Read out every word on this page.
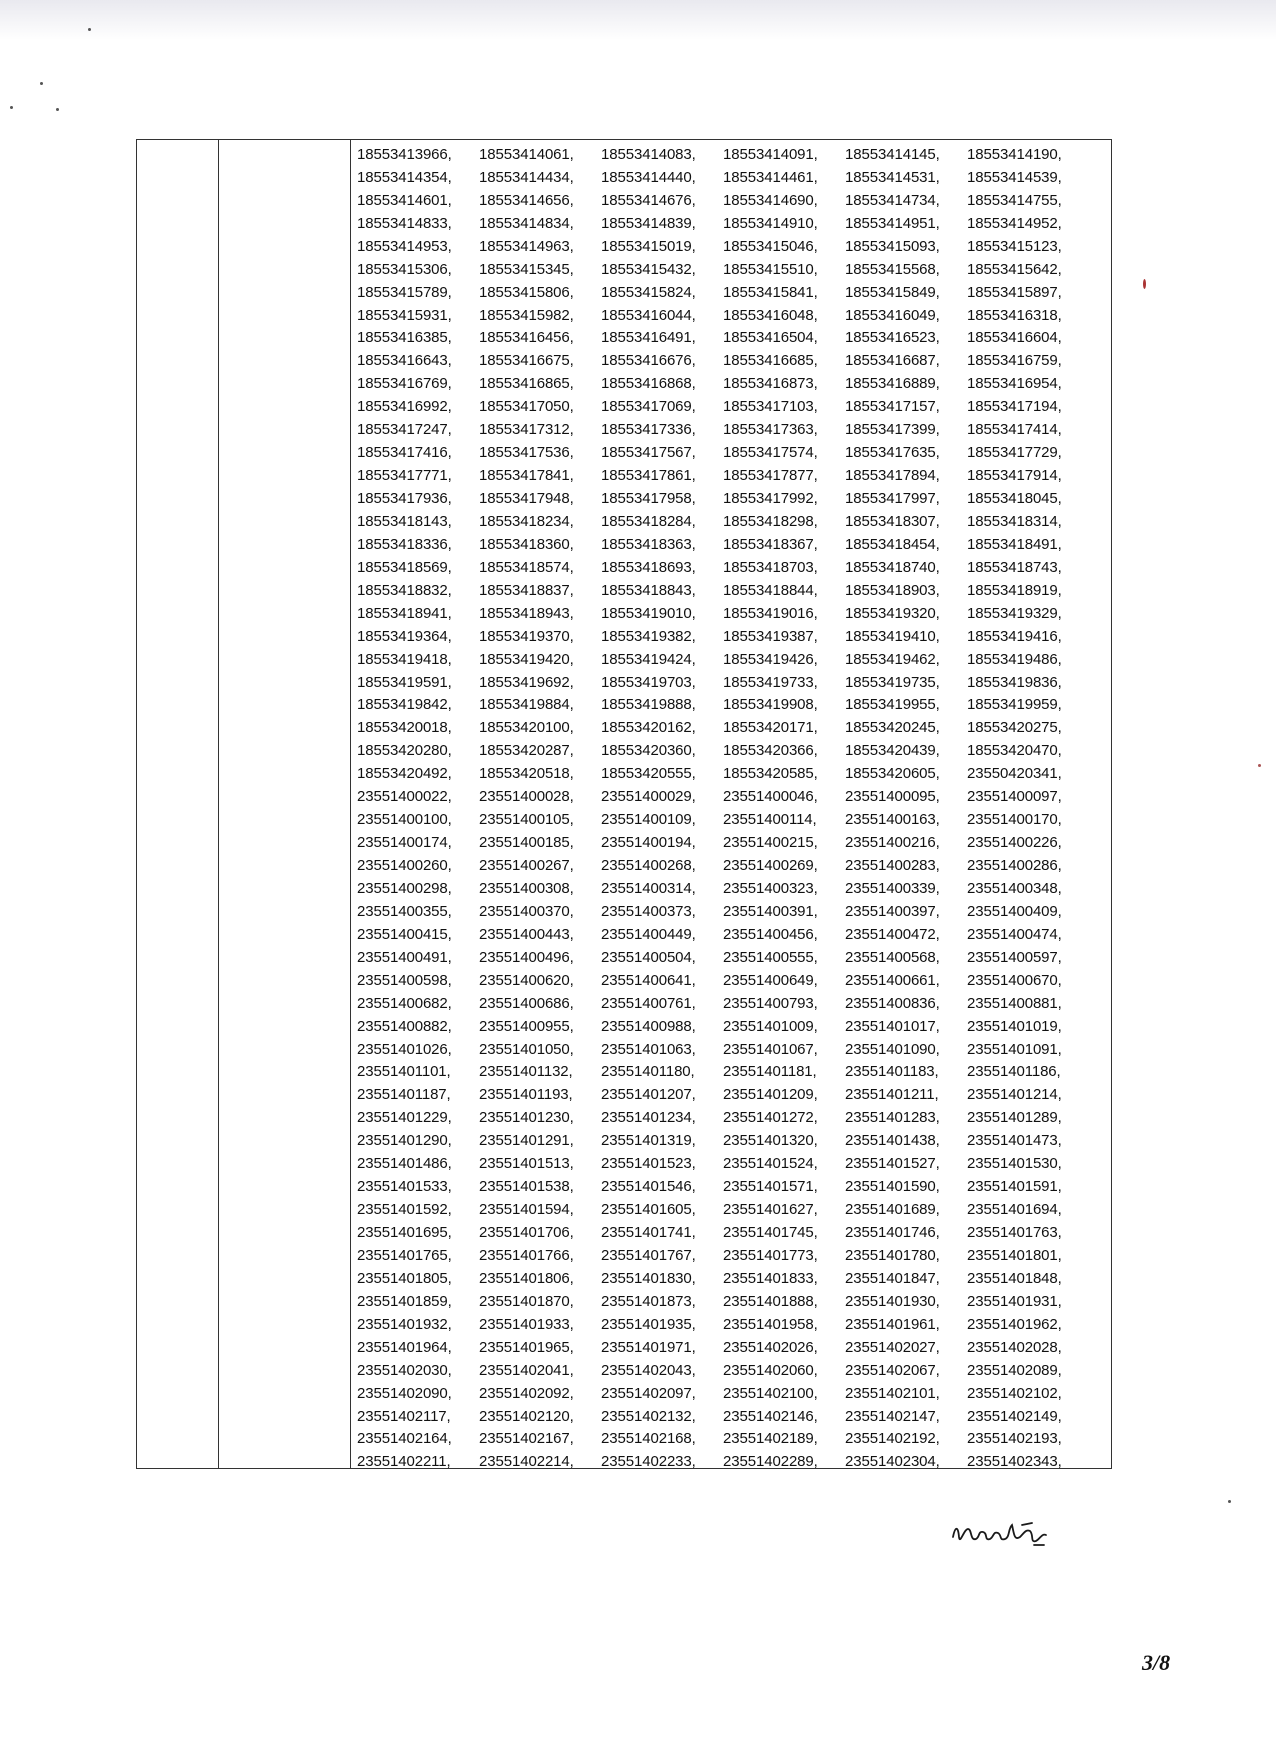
18553413966,	18553414061,	18553414083,	18553414091,	18553414145,	18553414190,
18553414354,	18553414434,	18553414440,	18553414461,	18553414531,	18553414539,
18553414601,	18553414656,	18553414676,	18553414690,	18553414734,	18553414755,
18553414833,	18553414834,	18553414839,	18553414910,	18553414951,	18553414952,
18553414953,	18553414963,	18553415019,	18553415046,	18553415093,	18553415123,
18553415306,	18553415345,	18553415432,	18553415510,	18553415568,	18553415642,
18553415789,	18553415806,	18553415824,	18553415841,	18553415849,	18553415897,
18553415931,	18553415982,	18553416044,	18553416048,	18553416049,	18553416318,
18553416385,	18553416456,	18553416491,	18553416504,	18553416523,	18553416604,
18553416643,	18553416675,	18553416676,	18553416685,	18553416687,	18553416759,
18553416769,	18553416865,	18553416868,	18553416873,	18553416889,	18553416954,
18553416992,	18553417050,	18553417069,	18553417103,	18553417157,	18553417194,
18553417247,	18553417312,	18553417336,	18553417363,	18553417399,	18553417414,
18553417416,	18553417536,	18553417567,	18553417574,	18553417635,	18553417729,
18553417771,	18553417841,	18553417861,	18553417877,	18553417894,	18553417914,
18553417936,	18553417948,	18553417958,	18553417992,	18553417997,	18553418045,
18553418143,	18553418234,	18553418284,	18553418298,	18553418307,	18553418314,
18553418336,	18553418360,	18553418363,	18553418367,	18553418454,	18553418491,
18553418569,	18553418574,	18553418693,	18553418703,	18553418740,	18553418743,
18553418832,	18553418837,	18553418843,	18553418844,	18553418903,	18553418919,
18553418941,	18553418943,	18553419010,	18553419016,	18553419320,	18553419329,
18553419364,	18553419370,	18553419382,	18553419387,	18553419410,	18553419416,
18553419418,	18553419420,	18553419424,	18553419426,	18553419462,	18553419486,
18553419591,	18553419692,	18553419703,	18553419733,	18553419735,	18553419836,
18553419842,	18553419884,	18553419888,	18553419908,	18553419955,	18553419959,
18553420018,	18553420100,	18553420162,	18553420171,	18553420245,	18553420275,
18553420280,	18553420287,	18553420360,	18553420366,	18553420439,	18553420470,
18553420492,	18553420518,	18553420555,	18553420585,	18553420605,	23550420341,
23551400022,	23551400028,	23551400029,	23551400046,	23551400095,	23551400097,
23551400100,	23551400105,	23551400109,	23551400114,	23551400163,	23551400170,
23551400174,	23551400185,	23551400194,	23551400215,	23551400216,	23551400226,
23551400260,	23551400267,	23551400268,	23551400269,	23551400283,	23551400286,
23551400298,	23551400308,	23551400314,	23551400323,	23551400339,	23551400348,
23551400355,	23551400370,	23551400373,	23551400391,	23551400397,	23551400409,
23551400415,	23551400443,	23551400449,	23551400456,	23551400472,	23551400474,
23551400491,	23551400496,	23551400504,	23551400555,	23551400568,	23551400597,
23551400598,	23551400620,	23551400641,	23551400649,	23551400661,	23551400670,
23551400682,	23551400686,	23551400761,	23551400793,	23551400836,	23551400881,
23551400882,	23551400955,	23551400988,	23551401009,	23551401017,	23551401019,
23551401026,	23551401050,	23551401063,	23551401067,	23551401090,	23551401091,
23551401101,	23551401132,	23551401180,	23551401181,	23551401183,	23551401186,
23551401187,	23551401193,	23551401207,	23551401209,	23551401211,	23551401214,
23551401229,	23551401230,	23551401234,	23551401272,	23551401283,	23551401289,
23551401290,	23551401291,	23551401319,	23551401320,	23551401438,	23551401473,
23551401486,	23551401513,	23551401523,	23551401524,	23551401527,	23551401530,
23551401533,	23551401538,	23551401546,	23551401571,	23551401590,	23551401591,
23551401592,	23551401594,	23551401605,	23551401627,	23551401689,	23551401694,
23551401695,	23551401706,	23551401741,	23551401745,	23551401746,	23551401763,
23551401765,	23551401766,	23551401767,	23551401773,	23551401780,	23551401801,
23551401805,	23551401806,	23551401830,	23551401833,	23551401847,	23551401848,
23551401859,	23551401870,	23551401873,	23551401888,	23551401930,	23551401931,
23551401932,	23551401933,	23551401935,	23551401958,	23551401961,	23551401962,
23551401964,	23551401965,	23551401971,	23551402026,	23551402027,	23551402028,
23551402030,	23551402041,	23551402043,	23551402060,	23551402067,	23551402089,
23551402090,	23551402092,	23551402097,	23551402100,	23551402101,	23551402102,
23551402117,	23551402120,	23551402132,	23551402146,	23551402147,	23551402149,
23551402164,	23551402167,	23551402168,	23551402189,	23551402192,	23551402193,
23551402211,	23551402214,	23551402233,	23551402289,	23551402304,	23551402343,
3/8
